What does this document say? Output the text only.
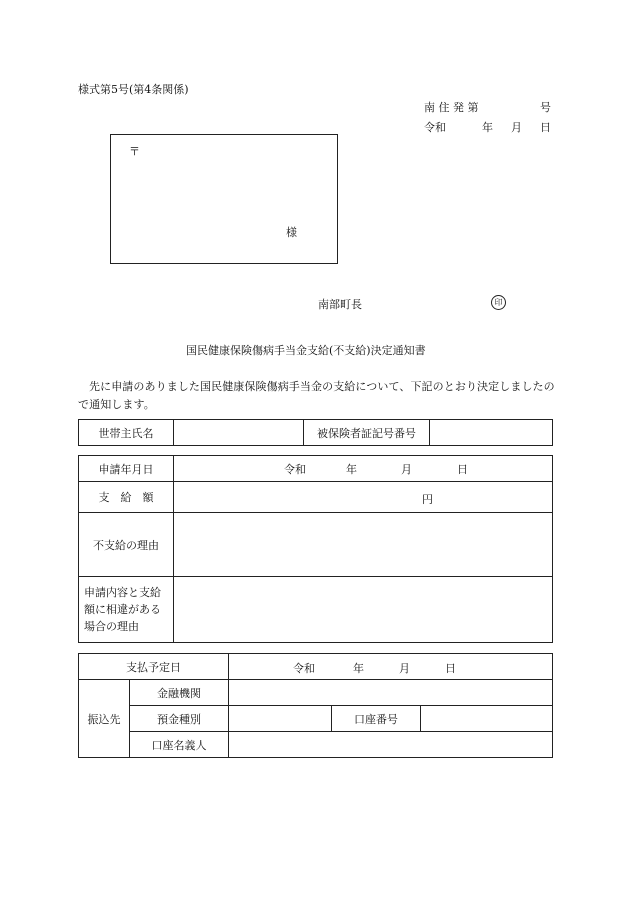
様式第5号(第4条関係)
南 住 発 第	号
令和	年 月 日
〒
様
南部町長	印
国民健康保険傷病手当金支給(不支給)決定通知書
先に申請のありました国民健康保険傷病手当金の支給について、下記のとおり決定しましたので通知します。
世帯主氏名		被保険者証記号番号	
申請年月日	令和 年 月 日
支　給　額	円

不支給の理由	
申請内容と支給額に相違がある場合の理由	
支払予定日		令和 年 月 日		

振込先	金融機関			
	預金種別		口座番号	
	口座名義人			
